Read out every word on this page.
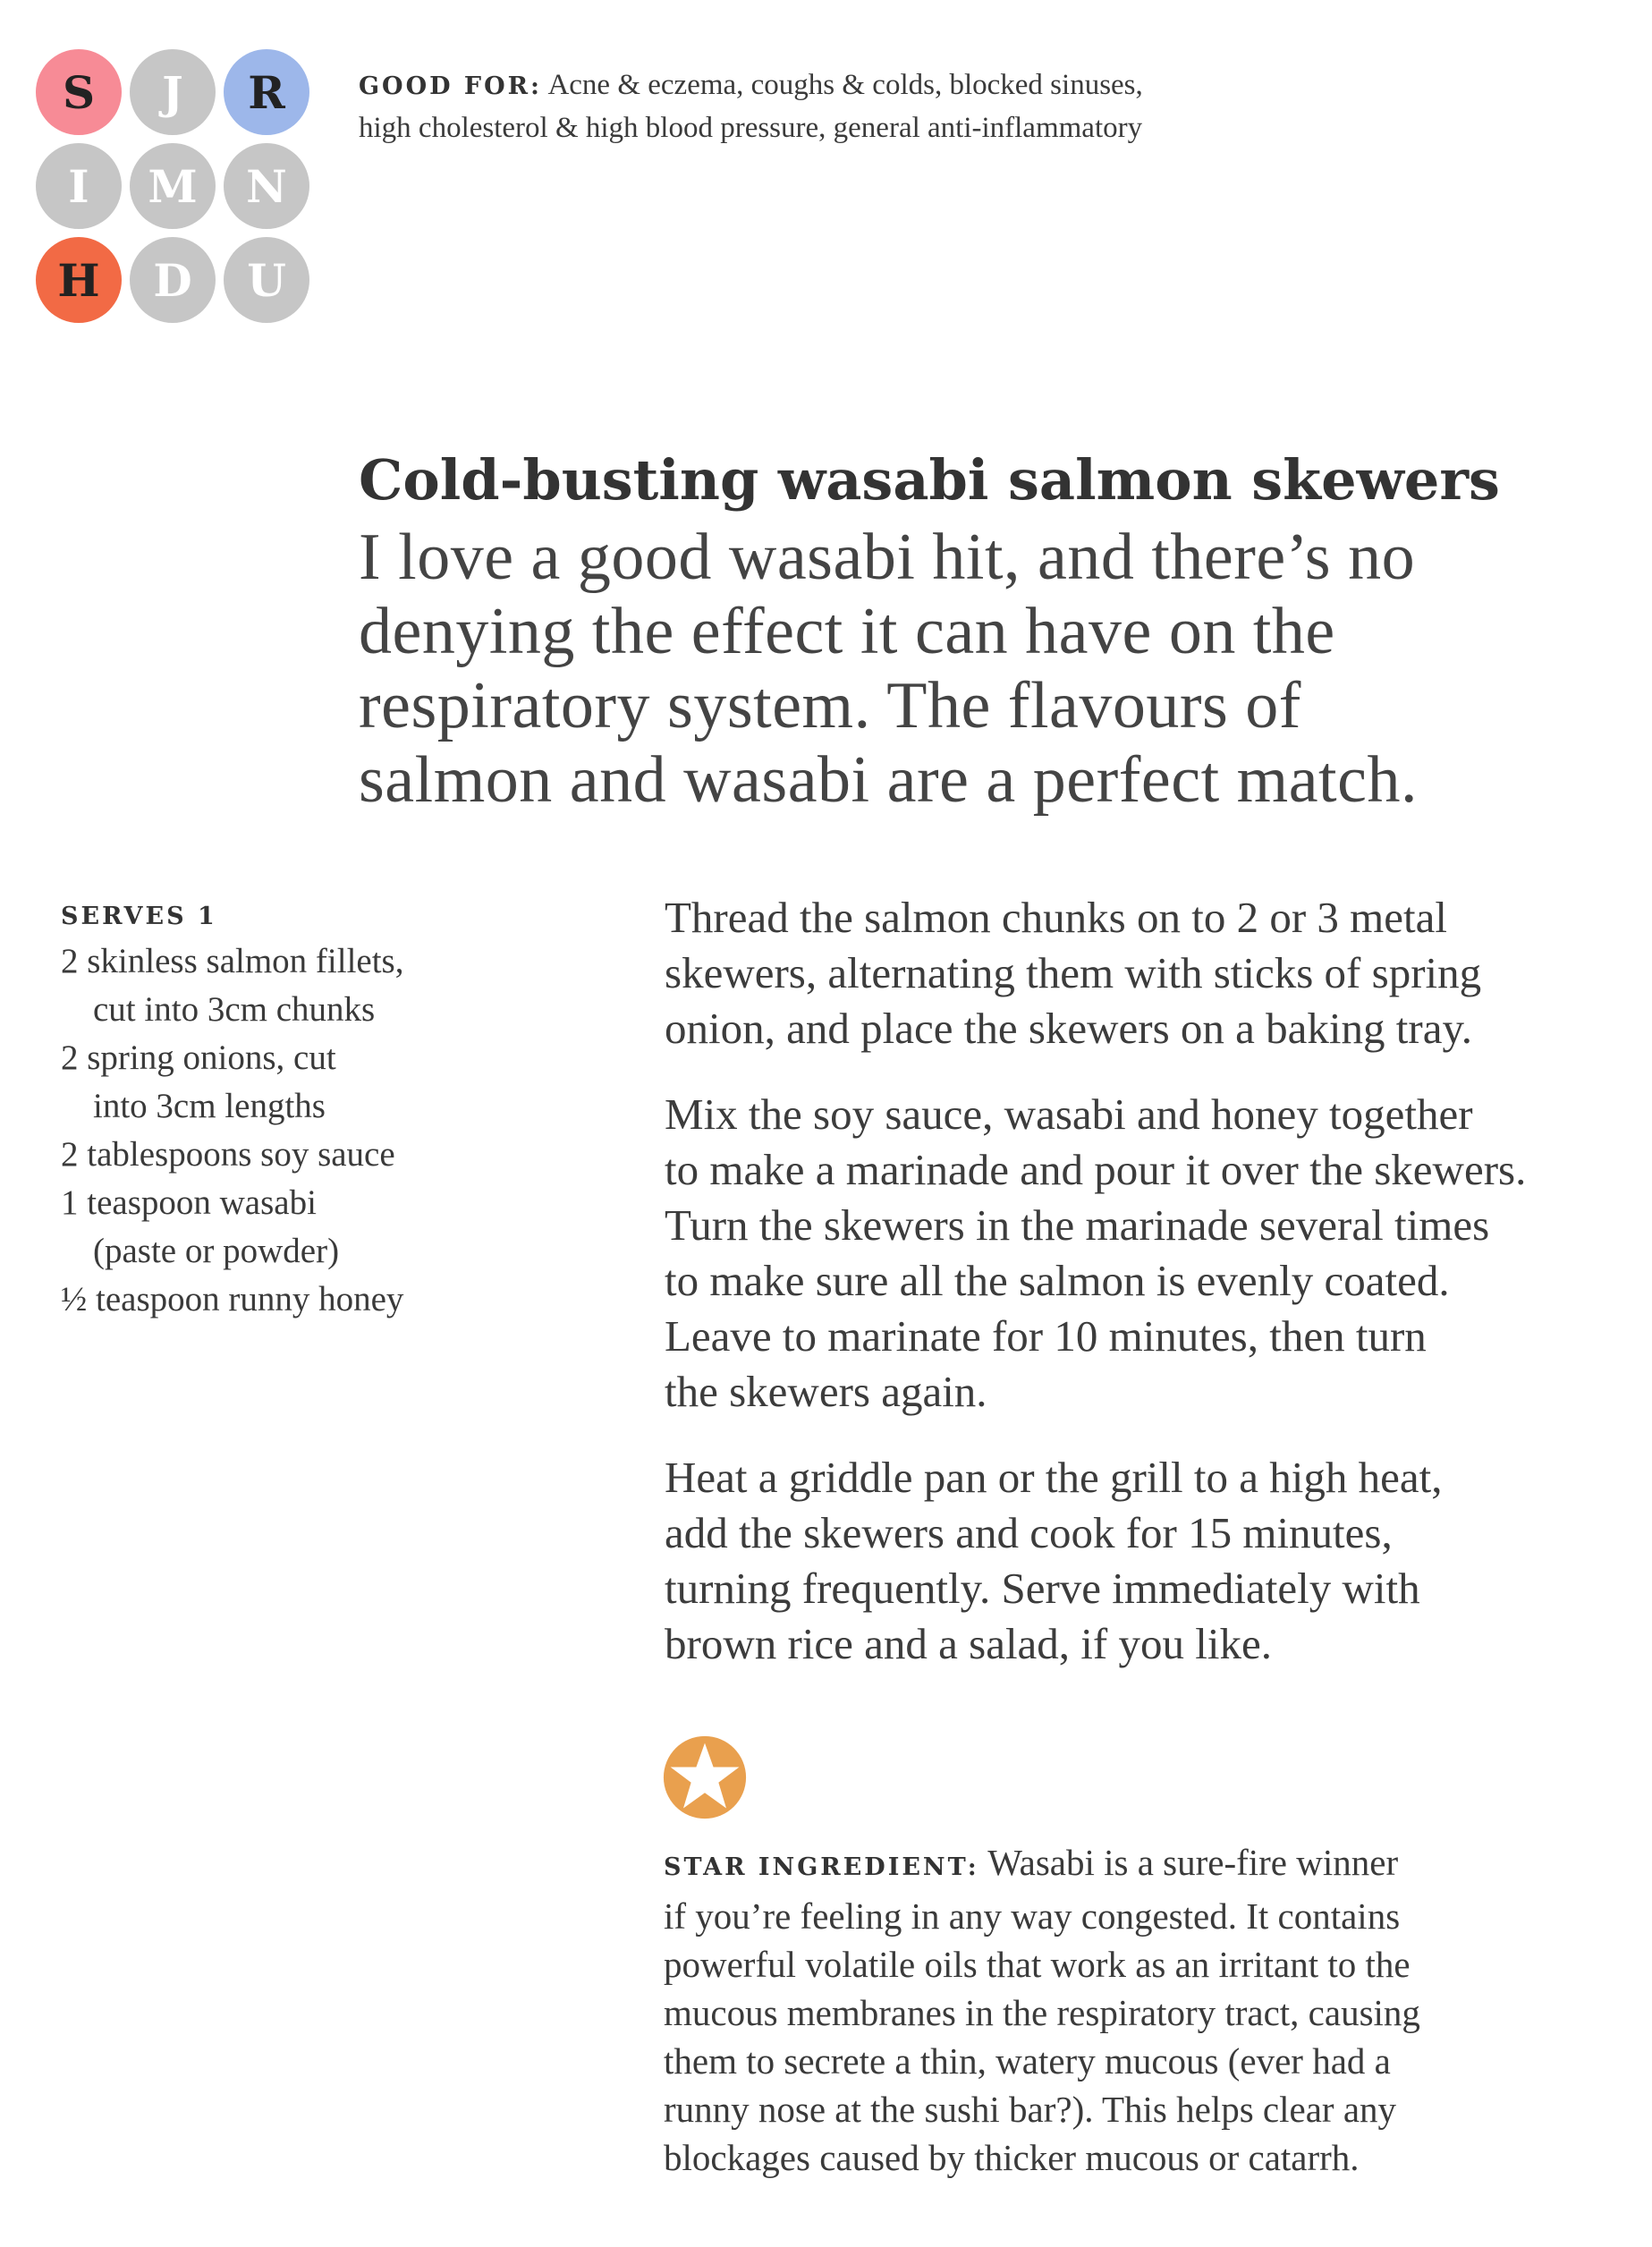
S	J	R
I	M	N
H	D	U
GOOD FOR: Acne & eczema, coughs & colds, blocked sinuses,
high cholesterol & high blood pressure, general anti-inflammatory
Cold-busting wasabi salmon skewers
I love a good wasabi hit, and there’s no
denying the effect it can have on the
respiratory system. The flavours of
salmon and wasabi are a perfect match.
SERVES 1
2 skinless salmon fillets,
cut into 3cm chunks
2 spring onions, cut
into 3cm lengths
2 tablespoons soy sauce
1 teaspoon wasabi
(paste or powder)
½ teaspoon runny honey

Thread the salmon chunks on to 2 or 3 metal
skewers, alternating them with sticks of spring
onion, and place the skewers on a baking tray.

Mix the soy sauce, wasabi and honey together
to make a marinade and pour it over the skewers.
Turn the skewers in the marinade several times
to make sure all the salmon is evenly coated.
Leave to marinate for 10 minutes, then turn
the skewers again.

Heat a griddle pan or the grill to a high heat,
add the skewers and cook for 15 minutes,
turning frequently. Serve immediately with
brown rice and a salad, if you like.

STAR INGREDIENT: Wasabi is a sure-fire winner
if you’re feeling in any way congested. It contains
powerful volatile oils that work as an irritant to the
mucous membranes in the respiratory tract, causing
them to secrete a thin, watery mucous (ever had a
runny nose at the sushi bar?). This helps clear any
blockages caused by thicker mucous or catarrh.
